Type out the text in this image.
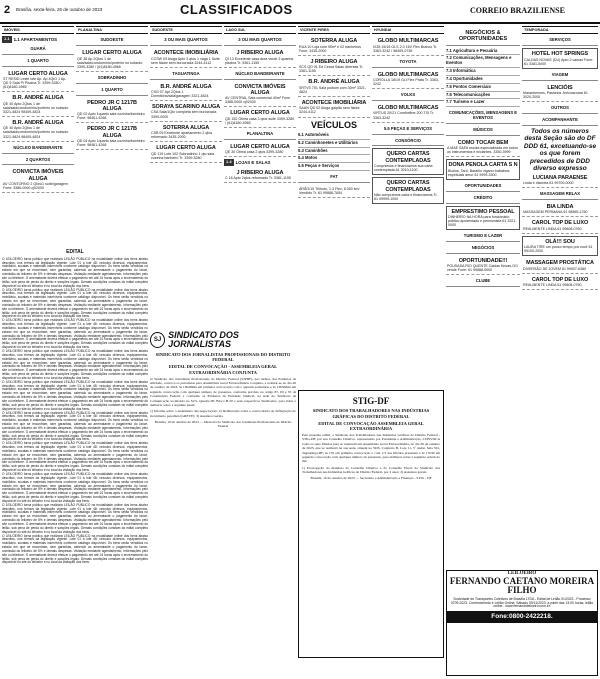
2 Brasília, sexta-feira, 26 de outubro de 2023	CLASSIFICADOS	CORREIO BRAZILIENSE
IMÓVEIS
1.1 1.1 APARTAMENTOS
GUARÁ
1 QUARTO
LUGAR CERTO ALUGA

ST RESID Leste lote Ap. Ap 4QtO 1 Ap.. QD 9 Sala Pl Piscina Tr. 3399-3280 / (61)8180-4965

B.R. ANDRÉ ALUGA

QE 40 Apto 2Qtos 1 de sala/sala/condomínio/porteiro no subsolo 3321-4824 98409-4824

B.R. ANDRÉ ALUGA

QE 40 Apto 2Qtos 1 de sala/sala/condomínio/porteiro no subsolo 3321-4824 98409-4824

NÚCLEO BANDEIRANTE
2 QUARTOS
CONVICTA IMÓVEIS ALUGA

AV CONTORNO 2 Qtos/1 suíte/garagem Fone: 3386-0000 cj02000

PLANALTINA
SUDOESTE
LUGAR CERTO ALUGA

QE 38 Ap 2Qtos 1 de sala/sala/condomínio/porteiro no subsolo 3399-3280 / (61)8180-4965

SOBRADINHO
1 QUARTO
PEDRO JR C 1217B ALUGA

QD 02 Apto 1quarto sala cozinha/banheiro Fone: 98461-4268

PEDRO JR C 1217B ALUGA

QD 04 Apto 1quarto sala cozinha/banheiro Fone: 98461-4268

EDITAL

O LEILOEIRO torna público que realizará LEILÃO PÚBLICO na modalidade online dos bens abaixo descritos, nos termos da legislação vigente. Lote 01 a lote 48: veículos diversos, equipamentos, mobiliário, sucatas e materiais inservíveis conforme catálogo disponível. Os bens serão vendidos no estado em que se encontram, sem garantias, cabendo ao arrematante o pagamento do lance, comissão do leiloeiro de 5% e demais despesas. Visitação mediante agendamento. Informações pelo site ou telefone. O arrematante deverá efetuar o pagamento em até 24 horas após o encerramento do leilão, sob pena de perda do direito e sanções legais. Demais condições constam do edital completo disponível no site do leiloeiro e no local da visitação dos bens.

O LEILOEIRO torna público que realizará LEILÃO PÚBLICO na modalidade online dos bens abaixo descritos, nos termos da legislação vigente. Lote 01 a lote 48: veículos diversos, equipamentos, mobiliário, sucatas e materiais inservíveis conforme catálogo disponível. Os bens serão vendidos no estado em que se encontram, sem garantias, cabendo ao arrematante o pagamento do lance, comissão do leiloeiro de 5% e demais despesas. Visitação mediante agendamento. Informações pelo site ou telefone. O arrematante deverá efetuar o pagamento em até 24 horas após o encerramento do leilão, sob pena de perda do direito e sanções legais. Demais condições constam do edital completo disponível no site do leiloeiro e no local da visitação dos bens.

O LEILOEIRO torna público que realizará LEILÃO PÚBLICO na modalidade online dos bens abaixo descritos, nos termos da legislação vigente. Lote 01 a lote 48: veículos diversos, equipamentos, mobiliário, sucatas e materiais inservíveis conforme catálogo disponível. Os bens serão vendidos no estado em que se encontram, sem garantias, cabendo ao arrematante o pagamento do lance, comissão do leiloeiro de 5% e demais despesas. Visitação mediante agendamento. Informações pelo site ou telefone. O arrematante deverá efetuar o pagamento em até 24 horas após o encerramento do leilão, sob pena de perda do direito e sanções legais. Demais condições constam do edital completo disponível no site do leiloeiro e no local da visitação dos bens.

O LEILOEIRO torna público que realizará LEILÃO PÚBLICO na modalidade online dos bens abaixo descritos, nos termos da legislação vigente. Lote 01 a lote 48: veículos diversos, equipamentos, mobiliário, sucatas e materiais inservíveis conforme catálogo disponível. Os bens serão vendidos no estado em que se encontram, sem garantias, cabendo ao arrematante o pagamento do lance, comissão do leiloeiro de 5% e demais despesas. Visitação mediante agendamento. Informações pelo site ou telefone. O arrematante deverá efetuar o pagamento em até 24 horas após o encerramento do leilão, sob pena de perda do direito e sanções legais. Demais condições constam do edital completo disponível no site do leiloeiro e no local da visitação dos bens.

O LEILOEIRO torna público que realizará LEILÃO PÚBLICO na modalidade online dos bens abaixo descritos, nos termos da legislação vigente. Lote 01 a lote 48: veículos diversos, equipamentos, mobiliário, sucatas e materiais inservíveis conforme catálogo disponível. Os bens serão vendidos no estado em que se encontram, sem garantias, cabendo ao arrematante o pagamento do lance, comissão do leiloeiro de 5% e demais despesas. Visitação mediante agendamento. Informações pelo site ou telefone. O arrematante deverá efetuar o pagamento em até 24 horas após o encerramento do leilão, sob pena de perda do direito e sanções legais. Demais condições constam do edital completo disponível no site do leiloeiro e no local da visitação dos bens.

O LEILOEIRO torna público que realizará LEILÃO PÚBLICO na modalidade online dos bens abaixo descritos, nos termos da legislação vigente. Lote 01 a lote 48: veículos diversos, equipamentos, mobiliário, sucatas e materiais inservíveis conforme catálogo disponível. Os bens serão vendidos no estado em que se encontram, sem garantias, cabendo ao arrematante o pagamento do lance, comissão do leiloeiro de 5% e demais despesas. Visitação mediante agendamento. Informações pelo site ou telefone. O arrematante deverá efetuar o pagamento em até 24 horas após o encerramento do leilão, sob pena de perda do direito e sanções legais. Demais condições constam do edital completo disponível no site do leiloeiro e no local da visitação dos bens.

O LEILOEIRO torna público que realizará LEILÃO PÚBLICO na modalidade online dos bens abaixo descritos, nos termos da legislação vigente. Lote 01 a lote 48: veículos diversos, equipamentos, mobiliário, sucatas e materiais inservíveis conforme catálogo disponível. Os bens serão vendidos no estado em que se encontram, sem garantias, cabendo ao arrematante o pagamento do lance, comissão do leiloeiro de 5% e demais despesas. Visitação mediante agendamento. Informações pelo site ou telefone. O arrematante deverá efetuar o pagamento em até 24 horas após o encerramento do leilão, sob pena de perda do direito e sanções legais. Demais condições constam do edital completo disponível no site do leiloeiro e no local da visitação dos bens.

O LEILOEIRO torna público que realizará LEILÃO PÚBLICO na modalidade online dos bens abaixo descritos, nos termos da legislação vigente. Lote 01 a lote 48: veículos diversos, equipamentos, mobiliário, sucatas e materiais inservíveis conforme catálogo disponível. Os bens serão vendidos no estado em que se encontram, sem garantias, cabendo ao arrematante o pagamento do lance, comissão do leiloeiro de 5% e demais despesas. Visitação mediante agendamento. Informações pelo site ou telefone. O arrematante deverá efetuar o pagamento em até 24 horas após o encerramento do leilão, sob pena de perda do direito e sanções legais. Demais condições constam do edital completo disponível no site do leiloeiro e no local da visitação dos bens.

O LEILOEIRO torna público que realizará LEILÃO PÚBLICO na modalidade online dos bens abaixo descritos, nos termos da legislação vigente. Lote 01 a lote 48: veículos diversos, equipamentos, mobiliário, sucatas e materiais inservíveis conforme catálogo disponível. Os bens serão vendidos no estado em que se encontram, sem garantias, cabendo ao arrematante o pagamento do lance, comissão do leiloeiro de 5% e demais despesas. Visitação mediante agendamento. Informações pelo site ou telefone. O arrematante deverá efetuar o pagamento em até 24 horas após o encerramento do leilão, sob pena de perda do direito e sanções legais. Demais condições constam do edital completo disponível no site do leiloeiro e no local da visitação dos bens.

O LEILOEIRO torna público que realizará LEILÃO PÚBLICO na modalidade online dos bens abaixo descritos, nos termos da legislação vigente. Lote 01 a lote 48: veículos diversos, equipamentos, mobiliário, sucatas e materiais inservíveis conforme catálogo disponível. Os bens serão vendidos no estado em que se encontram, sem garantias, cabendo ao arrematante o pagamento do lance, comissão do leiloeiro de 5% e demais despesas. Visitação mediante agendamento. Informações pelo site ou telefone. O arrematante deverá efetuar o pagamento em até 24 horas após o encerramento do leilão, sob pena de perda do direito e sanções legais. Demais condições constam do edital completo disponível no site do leiloeiro e no local da visitação dos bens.

SUDOESTE
3 OU MAIS QUARTOS
ACONTECE IMOBILIÁRIA

CCSW 03 Aluga Apto 3 qtos 1 vaga 1 Suite sem fiador sem burocracia 3244-4112

TAGUATINGA
B.R. ANDRÉ ALUGA

CSG 07 Apt 2Qtos 1 Dormitório/sala/garagem 3321-4824

SORAYA SCARINO ALUGA

CSA Sala/1Qto completa sem burocracia 3399-0000

SOTERRA ALUGA

CSB 09 Excelente apartamento 2 qtos reformado 3435-2000

LUGAR CERTO ALUGA

QD 119 Lote 102 Sobradinho 1 qto sala cozinha banheiro Tr. 3399-3280

LAGO SUL
3 OU MAIS QUARTOS
J RIBEIRO ALUGA

QI 13 Excelente casa área verde 3 quartos piscina Tr. 3361-1155

NÚCLEO BANDEIRANTE
CONVICTA IMÓVEIS ALUGA

AV CENTRAL Sala comercial 40m² Fone 3386-0000 cj02000

LUGAR CERTO ALUGA

QD 152 Ótima casa 3 qtos suite 3399-3280 / (61)8180-4965

PLANALTINA
LUGAR CERTO ALUGA

QE 30 Ótima casa 2 qtos 3399-3280

1.4 LOJAS E SALAS
J RIBEIRO ALUGA

C 16 Apto 2qtos reformado Tr. 3361-1155

SJ SINDICATO DOS JORNALISTAS
SINDICATO DOS JORNALISTAS PROFISSIONAIS DO DISTRITO FEDERAL
EDITAL DE CONVOCAÇÃO - ASSEMBLEIA GERAL EXTRAORDINÁRIA CONJUNTA

O Sindicato dos Jornalistas Profissionais do Distrito Federal (SJPDF), nos termos dos Estatutos da entidade, convoca os jornalistas para Assembleia Geral Extraordinária Conjunta, a realizar-se no dia 26 de outubro de 2023, às 13h40min em primeira convocação com o quórum estatutário e às 13h50min em segunda convocação com qualquer número de presentes, conforme previsto no artigo 87, III e VI da Constituição Federal e conforme os Estatutos da Entidade Sindical, na sede do Sindicato de Comunicação localizado no SCS, Quadra 08, Bloco B-50 e seus respectivos Sindicados, para tratar e deliberar sobre a seguinte pauta:

1) Informe sobre o andamento das negociações; 2) Deliberação sobre a convocatória da deflagração do movimento paredista (GREVE); 3) Assuntos Gerais.

Brasília, 19 de outubro de 2023 — Diretoria do Sindicato dos Jornalistas Profissionais do Distrito Federal

VICENTE PIRES
SOTERRA ALUGA

RUA 10 Loja com 90m² e 02 banheiros Fone: 3435-2000

J RIBEIRO ALUGA

SCS QD 01 Ed Ceara Salas diversas Tr. 3361-1155

B.R. ANDRÉ ALUGA

SRTVS 701 Sala podium com 30m² 3321-4824

ACONTECE IMOBILIÁRIA

SAAN QD 02 Aluga galpão sem fiador 3244-4112

VEÍCULOS
5.1 Automóveis
5.2 Caminhonetes e Utilitários
5.3 Caminhões
5.4 Motos
5.5 Peças e Serviços
FAT

ÁRÃO/15 Trilhoto, 1.3 Flex, 8.300 km/ Vendido Tr. 61 99888-7654

HYUNDAI
GLOBO MULTIMARCAS

IX35 15/16 GLS 2.0 16V Flex Branco Tr. 3363-3242 / 98409-0736

TOYOTA
GLOBO MULTIMARCAS

COROLLA 18/19 GLi Flex Prata Tr. 3363-3242

VOLKS
GLOBO MULTIMARCAS

VIRTUS 20/21 Comfortline 200 TSI Tr. 3363-3242

5.5 PEÇAS E SERVIÇOS
CONSÓRCIO
QUERO CARTAS CONTEMPLADAS

Compramos e financiamos sua carta contemplada 61 3010-1100

QUERO CARTAS CONTEMPLADAS

Não compramos carta e financiamos Tr. 61 99999-1000

STIG-DF
SINDICATO DOS TRABALHADORES NAS INDÚSTRIAS GRÁFICAS DO DISTRITO FEDERAL
EDITAL DE CONVOCAÇÃO ASSEMBLEIA GERAL EXTRAORDINÁRIA

Pelo presente edital, o Sindicato dos Trabalhadores nas Indústrias Gráficas do Distrito Federal - STIG-DF, por seu Conselho Diretivo, representado por Presidente e Administração, CONVOCA todos os seus filiados para se reunirem em Assembleia Geral Extraordinária, no dia 26 de outubro de 2023, que se realizará na sua sede, situada no SDS, Conjunto B, Lote 11, 5º andar, Sala 501, Taguatinga-DF, às 17h em primeira convocação e com 1/3 dos filiados presentes e às 17h30 em segunda convocação com qualquer número de presentes, para deliberar sobre a seguinte ordem do dia:

1) Prorrogação do mandato do Conselho Diretivo e do Conselho Fiscal do Sindicato dos Trabalhadores nas Indústrias Gráficas do Distrito Federal, por 2 anos; 2) Assuntos gerais.

Brasília, 19 de outubro de 2023 — Secretário e Administração e Finanças - STIG - DF

NEGÓCIOS & OPORTUNIDADES
7.1 Agricultura e Pecuária
7.2 Comunicações, Mensagens e Eventos
7.3 Informática
7.4 Oportunidades
7.5 Pontos Comerciais
7.6 Telecomunicações
7.7 Turismo e Lazer
COMUNICAÇÕES, MENSAGENS E EVENTOS
MÚSICOS
COMO TOCAR BEM

A MAE SAFA escola especializada em todos os instrumentos e iniciantes. 3350-3999

DONA PENOLA CARTA S N

Búzios, Tarô, Baralho cigano trabalhos espirituais amor 61 9999-3300

OPORTUNIDADES
CRÉDITO
EMPRESTIMO PESSOAL

DINHEIRO NA HORA para funcionário público aposentado e pensionista 61 3321-0000

TURISMO E LAZER
NEGÓCIOS
OPORTUNIDADE!!!

POUSADA RIO QUENTE Caldas Novas-GO vende Fone: 61 99888-0000

CLUBE
TEMPORADA
SERVIÇOS
HOTEL HOT SPRINGS

CALDAS NOVAS (DU) Apto 2 camas Fone: 61 3381-5000

VIAGEM
LENCIÓIS

Maranhenses, Passeios Jericoacoara 61 3020-2000

OUTROS
ACOMPANHANTE
Todos os números desta Seção são do DF DDD 61, excetuando-se os que forem precedidos de DDD diverso expresso
LUCIANA PARAENSE

Linda e discreta 61 99700-0000

MASSAGEM RELAX
BIA LINDA

MASSAGEM PERMANA 61 98565-1760

CAROL TOP DE LUXO

REALMENTE LINDA 61 99608-0760

OLÁ!!! SOU

LAURA TIRE um pouco tempo pra você 61 99100-2000

MASSAGEM PROSTÁTICA

DIVERSÃO DE JOVEM 61 99007-6380

CAROL TOP DE LUXO

REALMENTE LINDA 61 99608-0760

LEILOEIRO
FERNANDO CAETANO MOREIRA FILHO
Sociedade de Transportes Coletivos de Brasília LTDA - Edital de Leilão 01/2023 - Processo 0709-2023, Conhecimento e Leilão Online. Sábado 09/11/2023, a partir das 13:00 horas, leilão online - www.fernandoleiloeiro.com.br.
Fone:0800-2422218.
